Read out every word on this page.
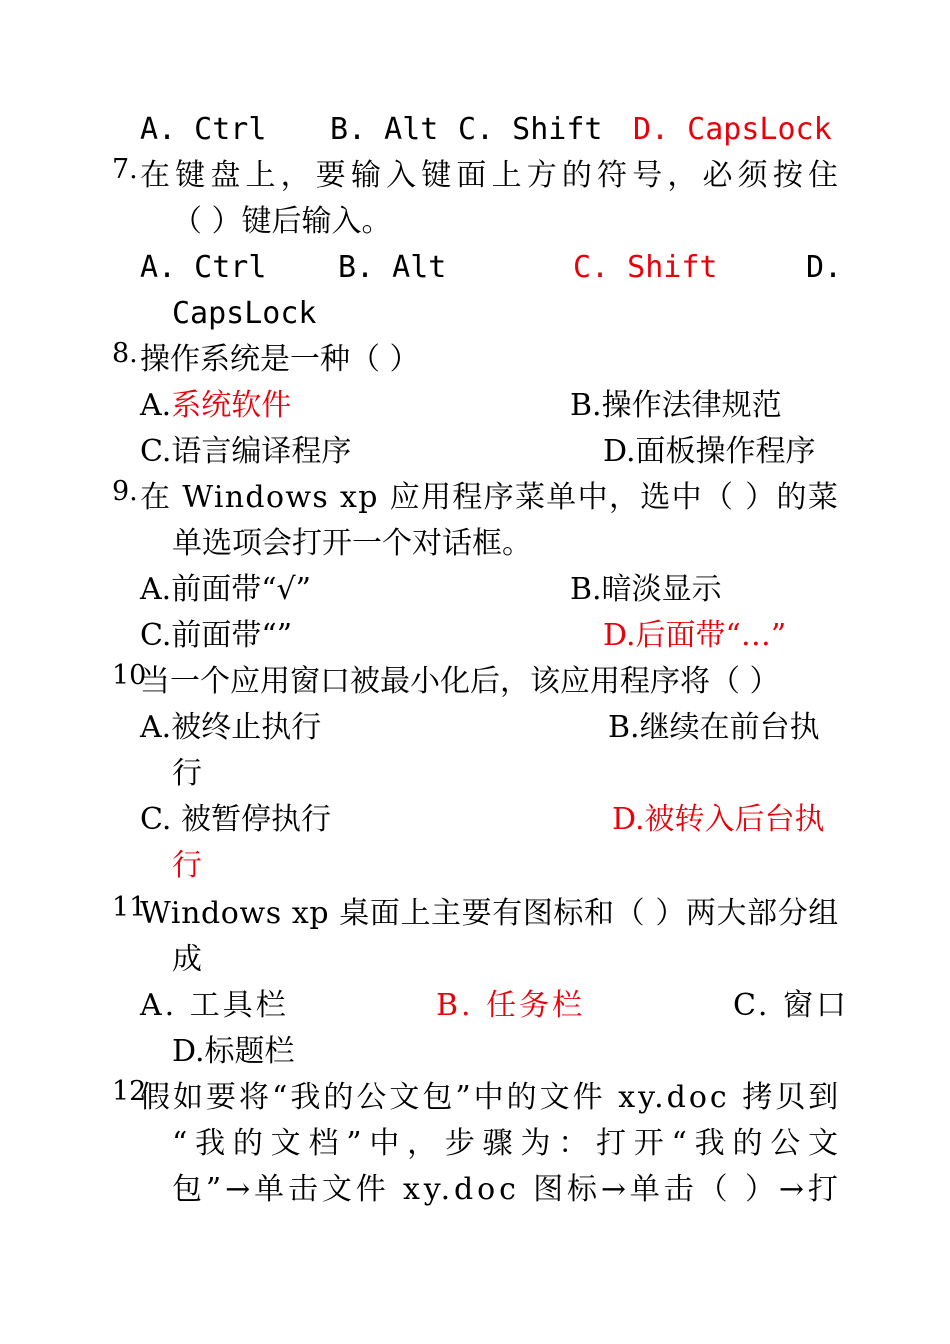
A. Ctrl B. Alt C. Shift D. CapsLock
7. 在键盘上，要输入键面上方的符号，必须按住
（ ）键后输入。
A. Ctrl B. Alt	C. Shift	D.
CapsLock
8. 操作系统是一种（ ）
A.系统软件	B.操作法律规范
C.语言编译程序	D.面板操作程序
9. 在 Windows xp 应用程序菜单中，选中（ ）的菜
单选项会打开一个对话框。
A.前面带“√”	B.暗淡显示
C.前面带“”	D.后面带“…”
10
当一个应用窗口被最小化后，该应用程序将（ ）
A.被终止执行	B.继续在前台执
行
C. 被暂停执行	D.被转入后台执
行
11
Windows xp 桌面上主要有图标和（ ）两大部分组
成
A. 工具栏	B. 任务栏	C. 窗口
D.标题栏
12
假如要将“我的公文包”中的文件 xy.doc 拷贝到
“我的文档”中，步骤为：打开“我的公文
包”→单击文件 xy.doc 图标→单击（ ）→打
